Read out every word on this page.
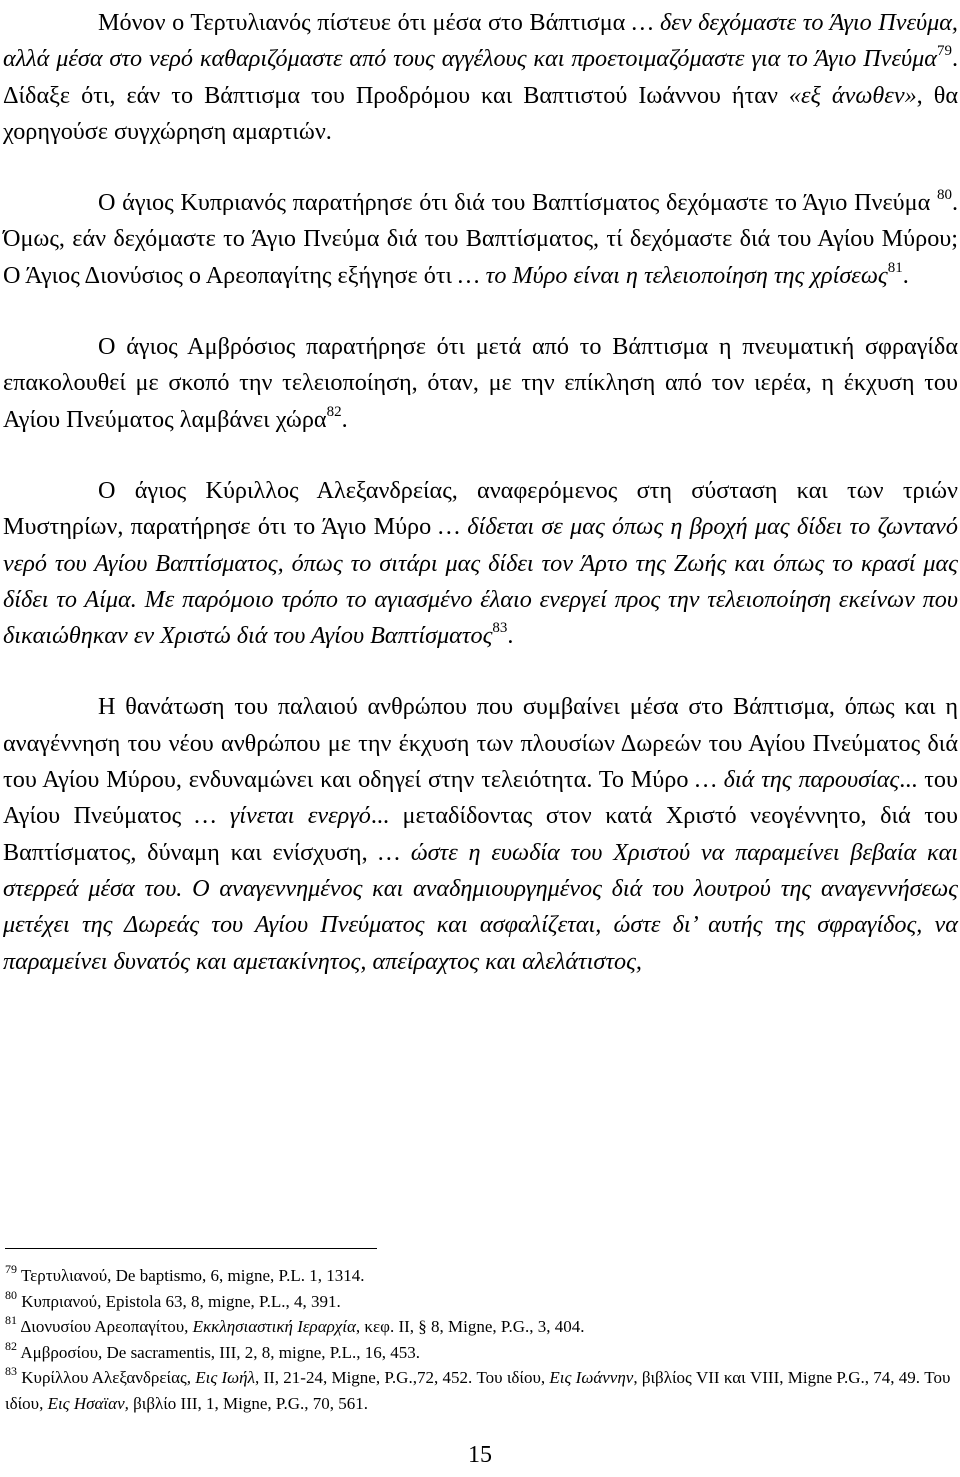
Μόνον ο Τερτυλιανός πίστευε ότι μέσα στο Βάπτισμα … δεν δεχόμαστε το Άγιο Πνεύμα, αλλά μέσα στο νερό καθαριζόμαστε από τους αγγέλους και προετοιμαζόμαστε για το Άγιο Πνεύμα$^{79}$. Δίδαξε ότι, εάν το Βάπτισμα του Προδρόμου και Βαπτιστού Ιωάννου ήταν «εξ άνωθεν», θα χορηγούσε συγχώρηση αμαρτιών.

Ο άγιος Κυπριανός παρατήρησε ότι διά του Βαπτίσματος δεχόμαστε το Άγιο Πνεύμα $^{80}$. Όμως, εάν δεχόμαστε το Άγιο Πνεύμα διά του Βαπτίσματος, τί δεχόμαστε διά του Αγίου Μύρου; Ο Άγιος Διονύσιος ο Αρεοπαγίτης εξήγησε ότι … το Μύρο είναι η τελειοποίηση της χρίσεως$^{81}$.

Ο άγιος Αμβρόσιος παρατήρησε ότι μετά από το Βάπτισμα η πνευματική σφραγίδα επακολουθεί με σκοπό την τελειοποίηση, όταν, με την επίκληση από τον ιερέα, η έκχυση του Αγίου Πνεύματος λαμβάνει χώρα$^{82}$.

Ο άγιος Κύριλλος Αλεξανδρείας, αναφερόμενος στη σύσταση και των τριών Μυστηρίων, παρατήρησε ότι το Άγιο Μύρο … δίδεται σε μας όπως η βροχή μας δίδει το ζωντανό νερό του Αγίου Βαπτίσματος, όπως το σιτάρι μας δίδει τον Άρτο της Ζωής και όπως το κρασί μας δίδει το Αίμα. Με παρόμοιο τρόπο το αγιασμένο έλαιο ενεργεί προς την τελειοποίηση εκείνων που δικαιώθηκαν εν Χριστώ διά του Αγίου Βαπτίσματος$^{83}$.

Η θανάτωση του παλαιού ανθρώπου που συμβαίνει μέσα στο Βάπτισμα, όπως και η αναγέννηση του νέου ανθρώπου με την έκχυση των πλουσίων Δωρεών του Αγίου Πνεύματος διά του Αγίου Μύρου, ενδυναμώνει και οδηγεί στην τελειότητα. Το Μύρο … διά της παρουσίας... του Αγίου Πνεύματος … γίνεται ενεργό... μεταδίδοντας στον κατά Χριστό νεογέννητο, διά του Βαπτίσματος, δύναμη και ενίσχυση, … ώστε η ευωδία του Χριστού να παραμείνει βεβαία και στερρεά μέσα του. Ο αναγεννημένος και αναδημιουργημένος διά του λουτρού της αναγεννήσεως μετέχει της Δωρεάς του Αγίου Πνεύματος και ασφαλίζεται, ώστε δι’ αυτής της σφραγίδος, να παραμείνει δυνατός και αμετακίνητος, απείραχτος και αλελάτιστος,

$^{79}$ Τερτυλιανού, De baptismo, 6, migne, P.L. 1, 1314.
$^{80}$ Κυπριανού, Epistola 63, 8, migne, P.L., 4, 391.
$^{81}$ Διονυσίου Αρεοπαγίτου, Εκκλησιαστική Ιεραρχία, κεφ. ΙΙ, § 8, Migne, P.G., 3, 404.
$^{82}$ Αμβροσίου, De sacramentis, III, 2, 8, migne, P.L., 16, 453.
$^{83}$ Κυρίλλου Αλεξανδρείας, Εις Ιωήλ, ΙΙ, 21-24, Migne, P.G.,72, 452. Του ιδίου, Εις Ιωάννην, βιβλίος VII και VIII, Migne P.G., 74, 49. Του ιδίου, Εις Ησαϊαν, βιβλίο ΙΙΙ, 1, Migne, P.G., 70, 561.
15
